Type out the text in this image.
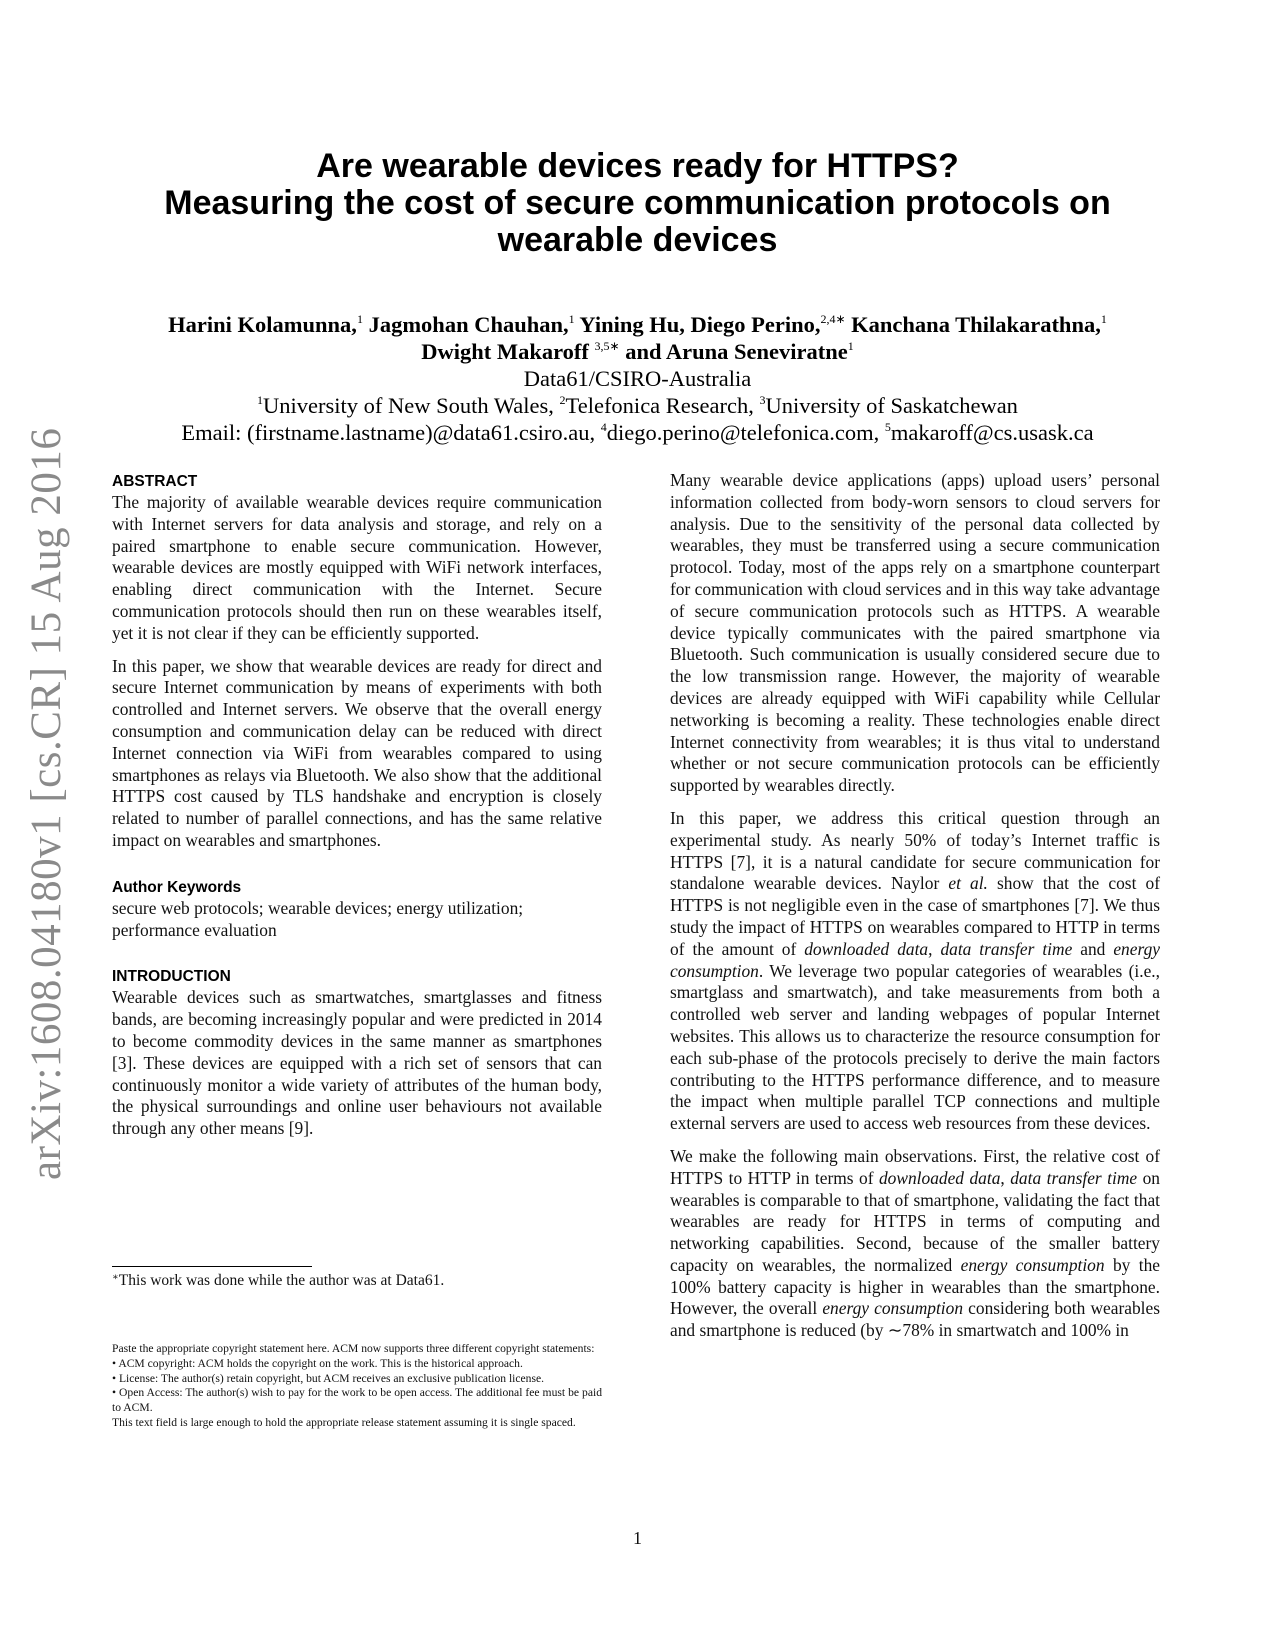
arXiv:1608.04180v1 [cs.CR] 15 Aug 2016
Are wearable devices ready for HTTPS?
Measuring the cost of secure communication protocols on
wearable devices
Harini Kolamunna,$^1$ Jagmohan Chauhan,$^1$ Yining Hu, Diego Perino,$^{2,4∗}$ Kanchana Thilakarathna,$^1$
Dwight Makaroff $^{3,5∗}$ and Aruna Seneviratne$^1$
Data61/CSIRO-Australia
$^1$University of New South Wales, $^2$Telefonica Research, $^3$University of Saskatchewan
Email: (firstname.lastname)@data61.csiro.au, $^4$diego.perino@telefonica.com, $^5$makaroff@cs.usask.ca
ABSTRACT
The majority of available wearable devices require communication with Internet servers for data analysis and storage, and rely on a paired smartphone to enable secure communication. However, wearable devices are mostly equipped with WiFi network interfaces, enabling direct communication with the Internet. Secure communication protocols should then run on these wearables itself, yet it is not clear if they can be efficiently supported.
In this paper, we show that wearable devices are ready for direct and secure Internet communication by means of experiments with both controlled and Internet servers. We observe that the overall energy consumption and communication delay can be reduced with direct Internet connection via WiFi from wearables compared to using smartphones as relays via Bluetooth. We also show that the additional HTTPS cost caused by TLS handshake and encryption is closely related to number of parallel connections, and has the same relative impact on wearables and smartphones.
Author Keywords
secure web protocols; wearable devices; energy utilization; performance evaluation
INTRODUCTION
Wearable devices such as smartwatches, smartglasses and fitness bands, are becoming increasingly popular and were predicted in 2014 to become commodity devices in the same manner as smartphones [3]. These devices are equipped with a rich set of sensors that can continuously monitor a wide variety of attributes of the human body, the physical surroundings and online user behaviours not available through any other means [9].
∗This work was done while the author was at Data61.
Paste the appropriate copyright statement here. ACM now supports three different copyright statements:
• ACM copyright: ACM holds the copyright on the work. This is the historical approach.
• License: The author(s) retain copyright, but ACM receives an exclusive publication license.
• Open Access: The author(s) wish to pay for the work to be open access. The additional fee must be paid to ACM.
This text field is large enough to hold the appropriate release statement assuming it is single spaced.
Many wearable device applications (apps) upload users’ personal information collected from body-worn sensors to cloud servers for analysis. Due to the sensitivity of the personal data collected by wearables, they must be transferred using a secure communication protocol. Today, most of the apps rely on a smartphone counterpart for communication with cloud services and in this way take advantage of secure communication protocols such as HTTPS. A wearable device typically communicates with the paired smartphone via Bluetooth. Such communication is usually considered secure due to the low transmission range. However, the majority of wearable devices are already equipped with WiFi capability while Cellular networking is becoming a reality. These technologies enable direct Internet connectivity from wearables; it is thus vital to understand whether or not secure communication protocols can be efficiently supported by wearables directly.
In this paper, we address this critical question through an experimental study. As nearly 50% of today’s Internet traffic is HTTPS [7], it is a natural candidate for secure communication for standalone wearable devices. Naylor et al. show that the cost of HTTPS is not negligible even in the case of smartphones [7]. We thus study the impact of HTTPS on wearables compared to HTTP in terms of the amount of downloaded data, data transfer time and energy consumption. We leverage two popular categories of wearables (i.e., smartglass and smartwatch), and take measurements from both a controlled web server and landing webpages of popular Internet websites. This allows us to characterize the resource consumption for each sub-phase of the protocols precisely to derive the main factors contributing to the HTTPS performance difference, and to measure the impact when multiple parallel TCP connections and multiple external servers are used to access web resources from these devices.
We make the following main observations. First, the relative cost of HTTPS to HTTP in terms of downloaded data, data transfer time on wearables is comparable to that of smartphone, validating the fact that wearables are ready for HTTPS in terms of computing and networking capabilities. Second, because of the smaller battery capacity on wearables, the normalized energy consumption by the 100% battery capacity is higher in wearables than the smartphone. However, the overall energy consumption considering both wearables and smartphone is reduced (by ∼78% in smartwatch and 100% in
1
